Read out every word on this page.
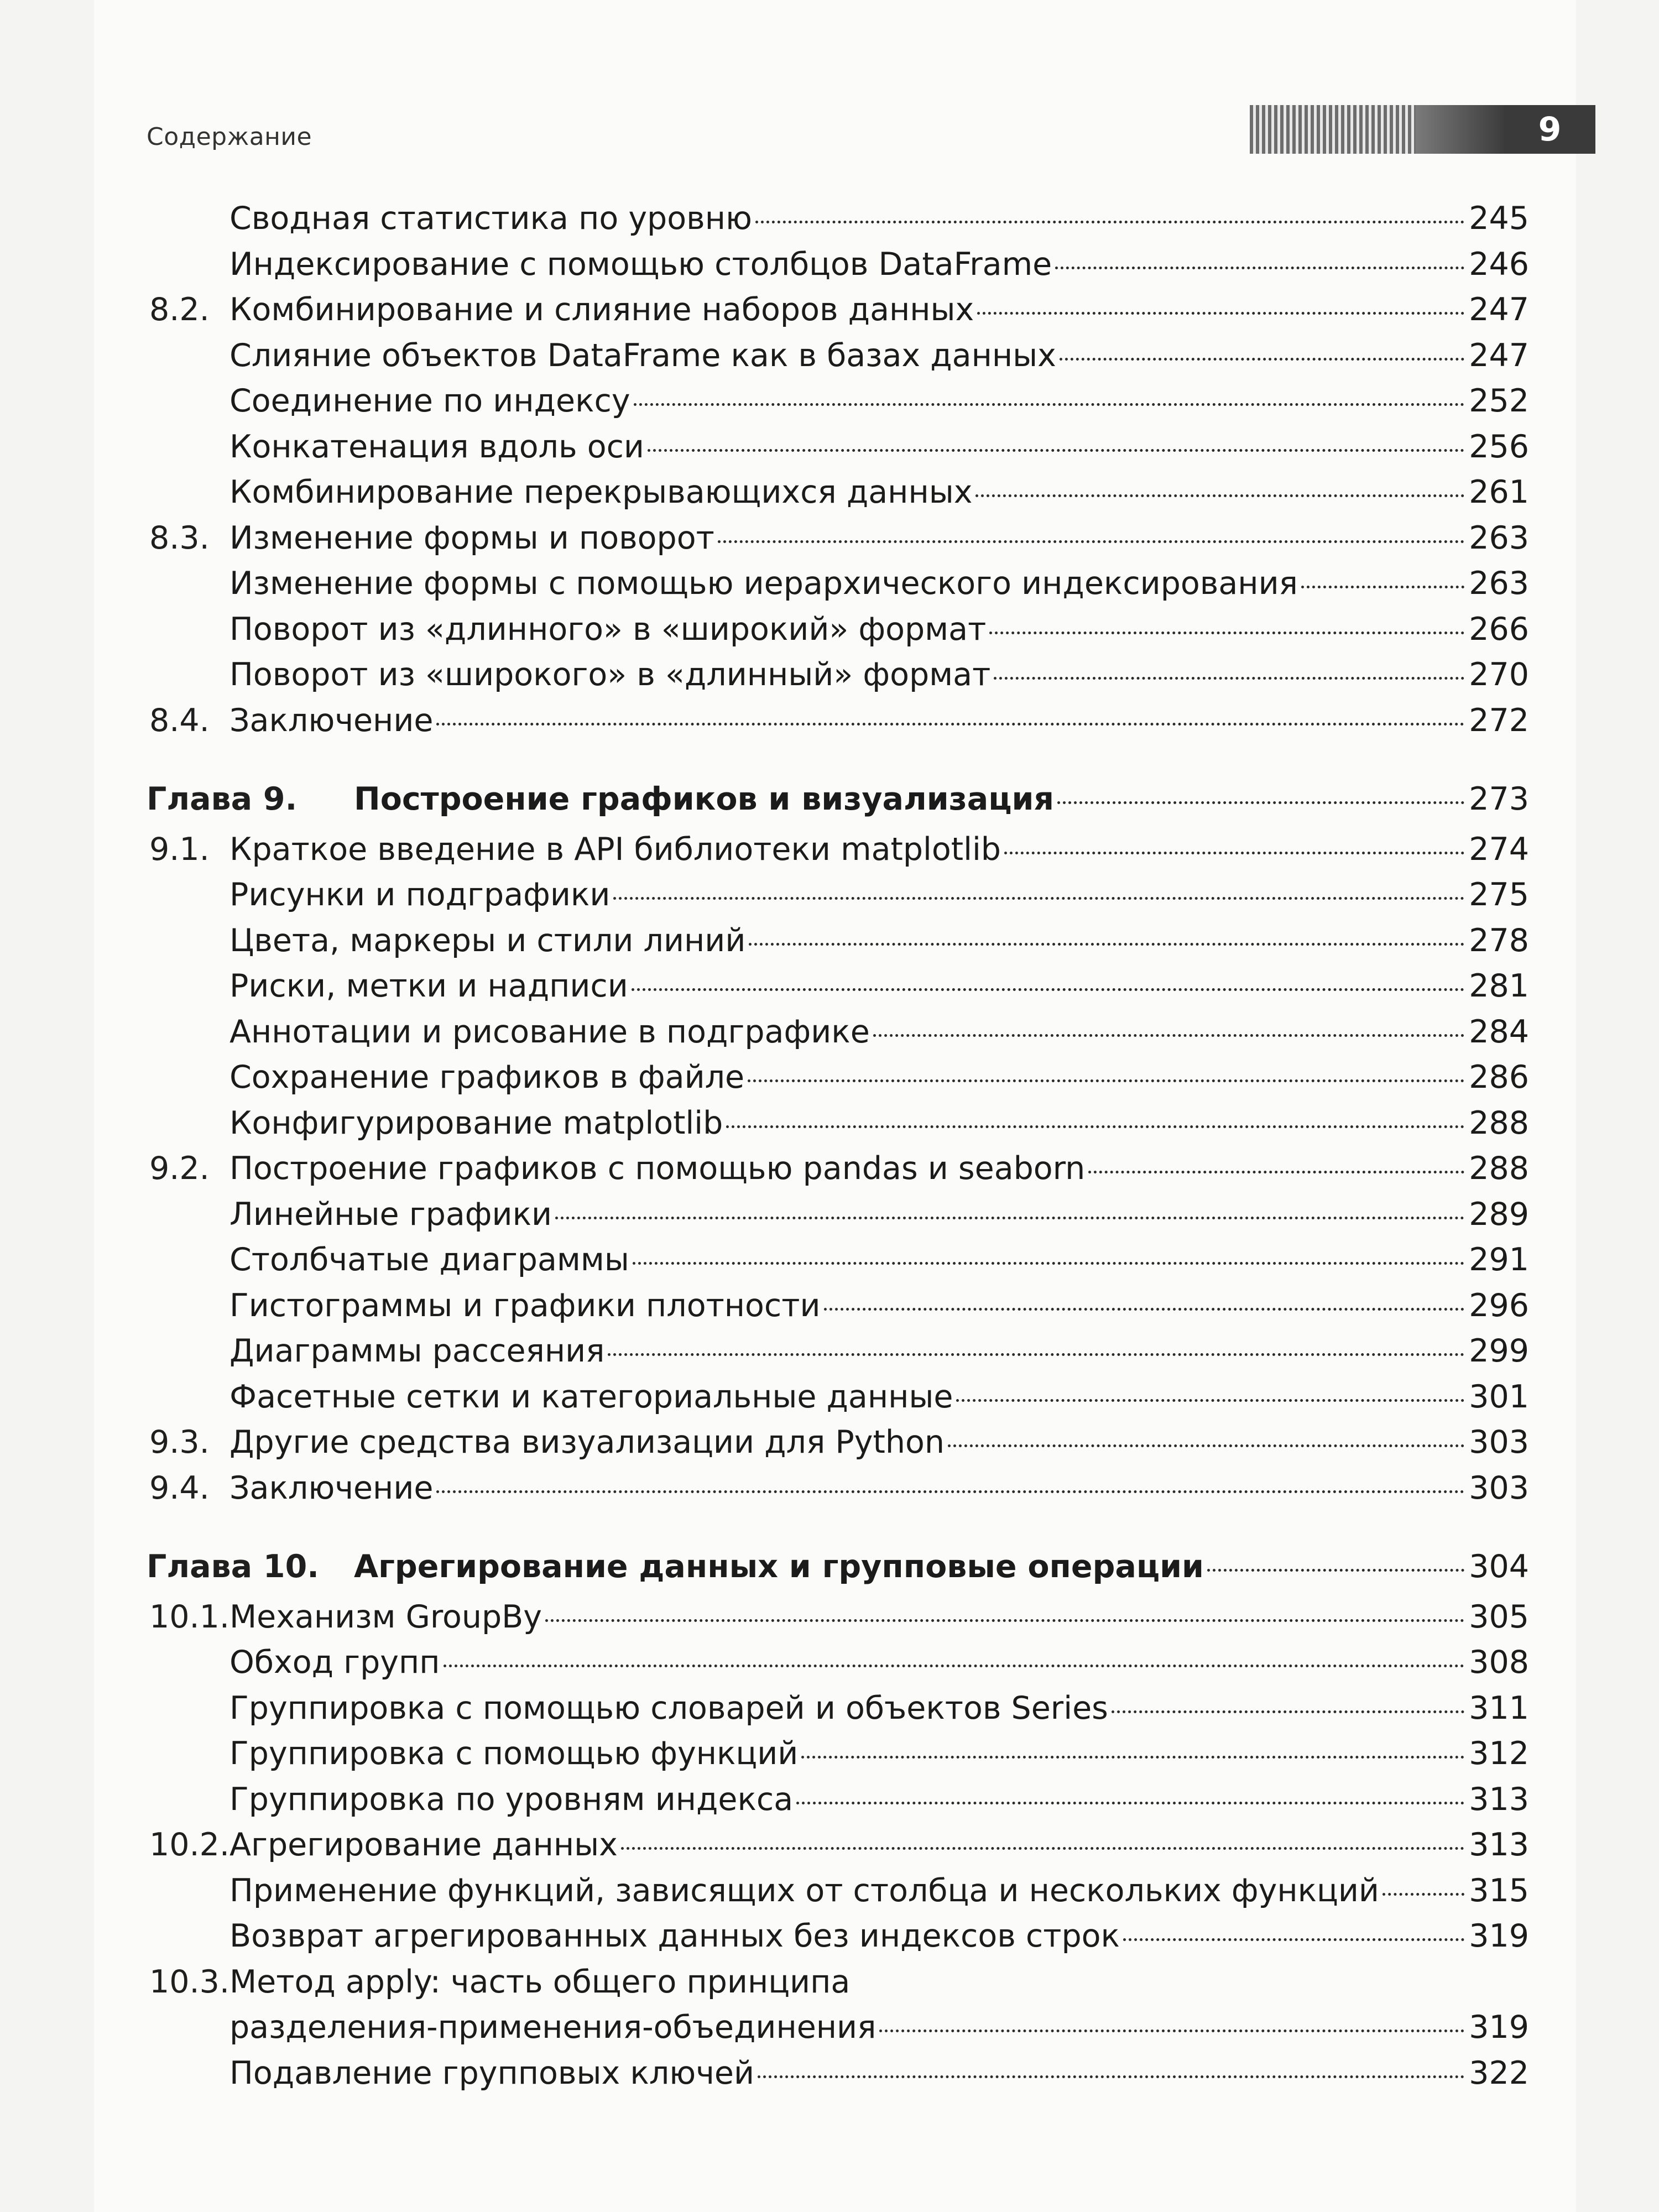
Содержание	9
Сводная статистика по уровню	245
Индексирование с помощью столбцов DataFrame	246
8.2. Комбинирование и слияние наборов данных	247
Слияние объектов DataFrame как в базах данных	247
Соединение по индексу	252
Конкатенация вдоль оси	256
Комбинирование перекрывающихся данных	261
8.3. Изменение формы и поворот	263
Изменение формы с помощью иерархического индексирования	263
Поворот из «длинного» в «широкий» формат	266
Поворот из «широкого» в «длинный» формат	270
8.4. Заключение	272
Глава 9. Построение графиков и визуализация	273
9.1. Краткое введение в API библиотеки matplotlib	274
Рисунки и подграфики	275
Цвета, маркеры и стили линий	278
Риски, метки и надписи	281
Аннотации и рисование в подграфике	284
Сохранение графиков в файле	286
Конфигурирование matplotlib	288
9.2. Построение графиков с помощью pandas и seaborn	288
Линейные графики	289
Столбчатые диаграммы	291
Гистограммы и графики плотности	296
Диаграммы рассеяния	299
Фасетные сетки и категориальные данные	301
9.3. Другие средства визуализации для Python	303
9.4. Заключение	303
Глава 10. Агрегирование данных и групповые операции	304
10.1. Механизм GroupBy	305
Обход групп	308
Группировка с помощью словарей и объектов Series	311
Группировка с помощью функций	312
Группировка по уровням индекса	313
10.2. Агрегирование данных	313
Применение функций, зависящих от столбца и нескольких функций	315
Возврат агрегированных данных без индексов строк	319
10.3. Метод apply: часть общего принципа
разделения-применения-объединения	319
Подавление групповых ключей	322
